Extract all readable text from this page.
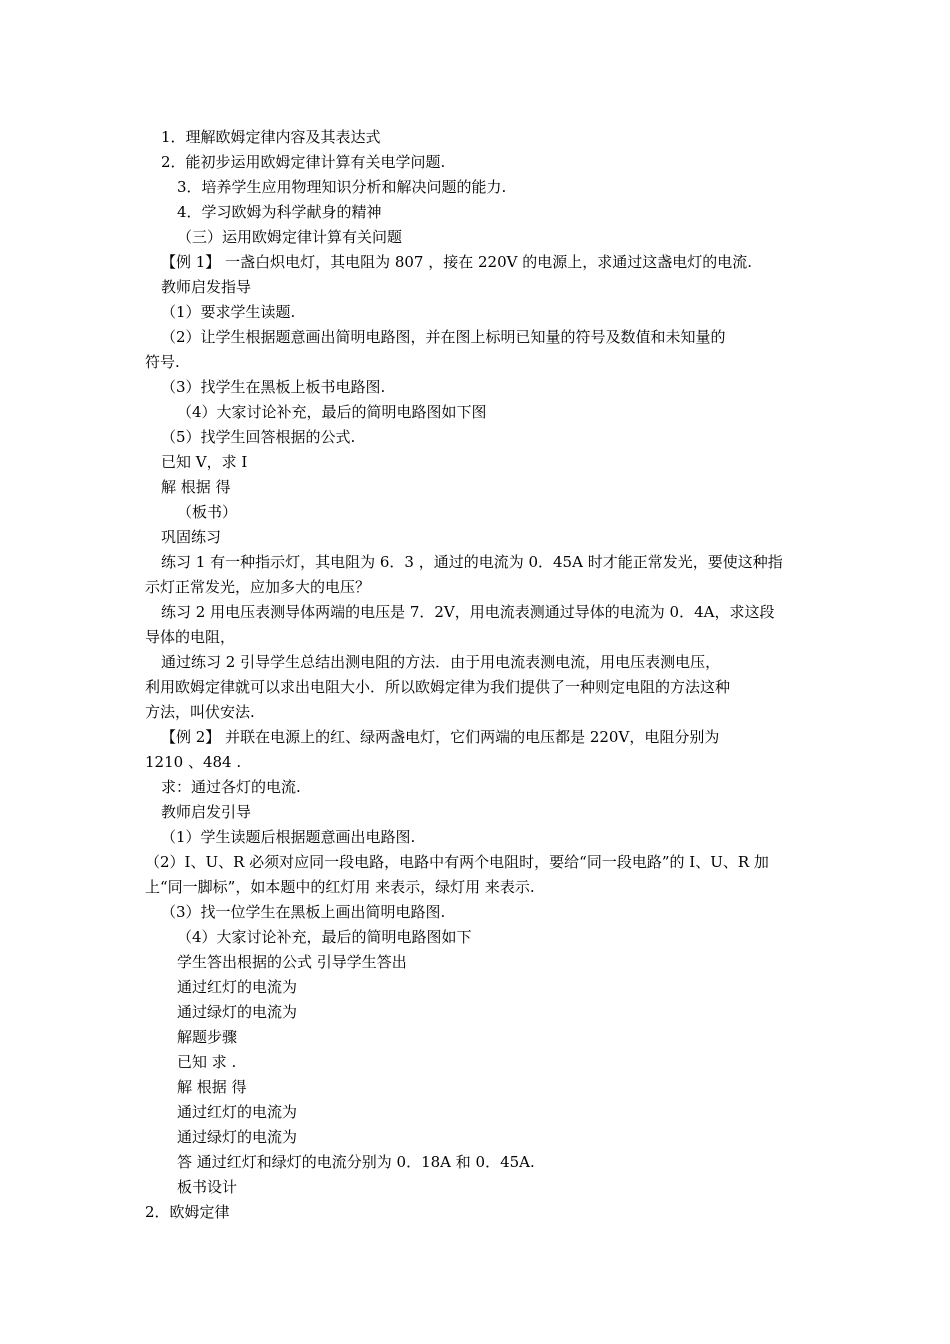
1．理解欧姆定律内容及其表达式
2．能初步运用欧姆定律计算有关电学问题.
3．培养学生应用物理知识分析和解决问题的能力.
4．学习欧姆为科学献身的精神
（三）运用欧姆定律计算有关问题
【例 1】 一盏白炽电灯，其电阻为 807 ，接在 220V 的电源上，求通过这盏电灯的电流.
教师启发指导
（1）要求学生读题.
（2）让学生根据题意画出简明电路图，并在图上标明已知量的符号及数值和未知量的
符号.
（3）找学生在黑板上板书电路图.
（4）大家讨论补充，最后的简明电路图如下图
（5）找学生回答根据的公式.
已知 V，求 I
解 根据 得
（板书）
巩固练习
练习 1 有一种指示灯，其电阻为 6．3 ，通过的电流为 0．45A 时才能正常发光，要使这种指
示灯正常发光，应加多大的电压？
练习 2 用电压表测导体两端的电压是 7．2V，用电流表测通过导体的电流为 0．4A，求这段
导体的电阻，
通过练习 2 引导学生总结出测电阻的方法．由于用电流表测电流，用电压表测电压，
利用欧姆定律就可以求出电阻大小．所以欧姆定律为我们提供了一种则定电阻的方法这种
方法，叫伏安法.
【例 2】 并联在电源上的红、绿两盏电灯，它们两端的电压都是 220V，电阻分别为
1210 、484 .
求：通过各灯的电流.
教师启发引导
（1）学生读题后根据题意画出电路图.
（2）I、U、R 必须对应同一段电路，电路中有两个电阻时，要给“同一段电路”的 I、U、R 加
上“同一脚标”，如本题中的红灯用 来表示，绿灯用 来表示.
（3）找一位学生在黑板上画出简明电路图.
（4）大家讨论补充，最后的简明电路图如下
学生答出根据的公式 引导学生答出
通过红灯的电流为
通过绿灯的电流为
解题步骤
已知 求 .
解 根据 得
通过红灯的电流为
通过绿灯的电流为
答 通过红灯和绿灯的电流分别为 0．18A 和 0．45A.
板书设计
2．欧姆定律
